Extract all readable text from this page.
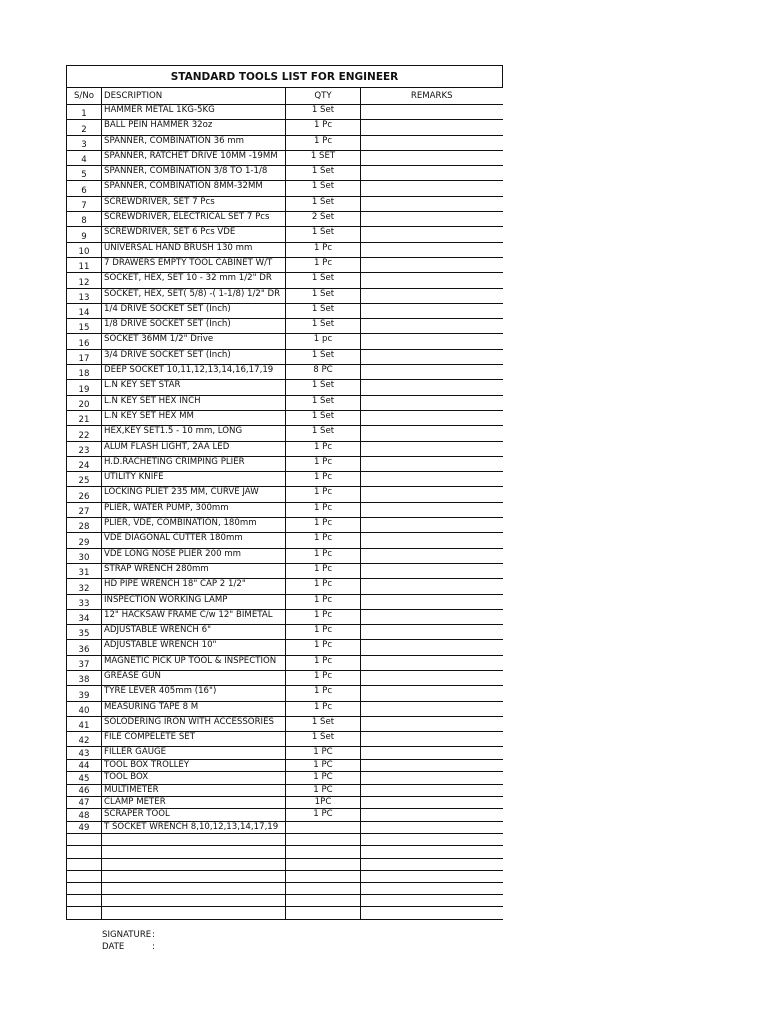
STANDARD TOOLS LIST FOR ENGINEER			
S/No	DESCRIPTION	QTY	REMARKS
1	HAMMER METAL 1KG-5KG	1 Set	
2	BALL PEIN HAMMER 32oz	1 Pc	
3	SPANNER, COMBINATION 36 mm	1 Pc	
4	SPANNER, RATCHET DRIVE 10MM -19MM	1 SET	
5	SPANNER, COMBINATION 3/8 TO 1-1/8	1 Set	
6	SPANNER, COMBINATION 8MM-32MM	1 Set	
7	SCREWDRIVER, SET 7 Pcs	1 Set	
8	SCREWDRIVER, ELECTRICAL SET 7 Pcs	2 Set	
9	SCREWDRIVER, SET 6 Pcs VDE	1 Set	
10	UNIVERSAL HAND BRUSH 130 mm	1 Pc	
11	7 DRAWERS EMPTY TOOL CABINET W/T	1 Pc	
12	SOCKET, HEX, SET 10 - 32 mm 1/2" DR	1 Set	
13	SOCKET, HEX, SET( 5/8) -( 1-1/8) 1/2" DR	1 Set	
14	1/4 DRIVE SOCKET SET (Inch)	1 Set	
15	1/8 DRIVE SOCKET SET (Inch)	1 Set	
16	SOCKET 36MM 1/2" Drive	1 pc	
17	3/4 DRIVE SOCKET SET (Inch)	1 Set	
18	DEEP SOCKET 10,11,12,13,14,16,17,19	8 PC	
19	L.N KEY SET STAR	1 Set	
20	L.N KEY SET HEX INCH	1 Set	
21	L.N KEY SET HEX MM	1 Set	
22	HEX,KEY SET1.5 - 10 mm, LONG	1 Set	
23	ALUM FLASH LIGHT, 2AA LED	1 Pc	
24	H.D.RACHETING CRIMPING PLIER	1 Pc	
25	UTILITY KNIFE	1 Pc	
26	LOCKING PLIET 235 MM, CURVE JAW	1 Pc	
27	PLIER, WATER PUMP, 300mm	1 Pc	
28	PLIER, VDE, COMBINATION, 180mm	1 Pc	
29	VDE DIAGONAL CUTTER 180mm	1 Pc	
30	VDE LONG NOSE PLIER 200 mm	1 Pc	
31	STRAP WRENCH 280mm	1 Pc	
32	HD PIPE WRENCH 18" CAP 2 1/2"	1 Pc	
33	INSPECTION WORKING LAMP	1 Pc	
34	12" HACKSAW FRAME C/w 12" BIMETAL	1 Pc	
35	ADJUSTABLE WRENCH 6"	1 Pc	
36	ADJUSTABLE WRENCH 10"	1 Pc	
37	MAGNETIC PICK UP TOOL & INSPECTION	1 Pc	
38	GREASE GUN	1 Pc	
39	TYRE LEVER 405mm (16")	1 Pc	
40	MEASURING TAPE 8 M	1 Pc	
41	SOLODERING IRON WITH ACCESSORIES	1 Set	
42	FILE COMPELETE SET	1 Set	
43	FILLER GAUGE	1 PC	
44	TOOL BOX TROLLEY	1 PC	
45	TOOL BOX	1 PC	
46	MULTIMETER	1 PC	
47	CLAMP METER	1PC	
48	SCRAPER TOOL	1 PC	
49	T SOCKET WRENCH 8,10,12,13,14,17,19		

SIGNATURE :
DATE	:
